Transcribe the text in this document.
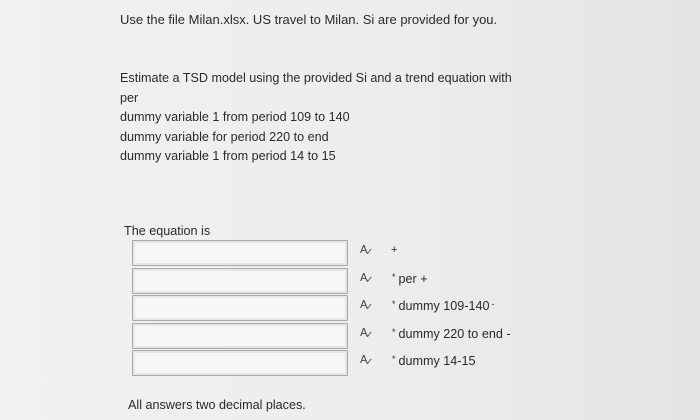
Use the file Milan.xlsx. US travel to Milan. Si are provided for you.
Estimate a TSD model using the provided Si and a trend equation with
per
dummy variable 1 from period 109 to 140
dummy variable for period 220 to end
dummy variable 1 from period 14 to 15
The equation is
A
✓ +
A
✓ * per +
A
✓ * dummy 109-140 -
A
✓ * dummy 220 to end -
A
✓ * dummy 14-15
All answers two decimal places.
